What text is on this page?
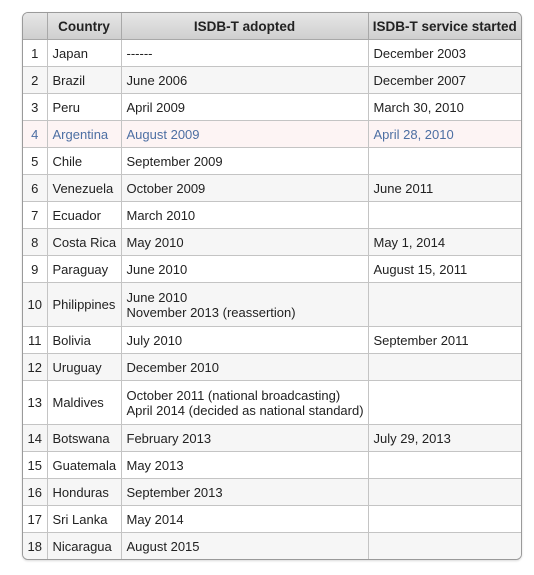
	Country	ISDB-T adopted	ISDB-T service started
1	Japan	------	December 2003
2	Brazil	June 2006	December 2007
3	Peru	April 2009	March 30, 2010
4	Argentina	August 2009	April 28, 2010
5	Chile	September 2009	

6	Venezuela	October 2009	June 2011
7	Ecuador	March 2010	

8	Costa Rica	May 2010	May 1, 2014
9	Paraguay	June 2010	August 15, 2011
10	Philippines	June 2010
November 2013 (reassertion)	

11	Bolivia	July 2010	September 2011
12	Uruguay	December 2010	

13	Maldives	October 2011 (national broadcasting)
April 2014 (decided as national standard)	

14	Botswana	February 2013	July 29, 2013
15	Guatemala	May 2013	

16	Honduras	September 2013	

17	Sri Lanka	May 2014	

18	Nicaragua	August 2015	
